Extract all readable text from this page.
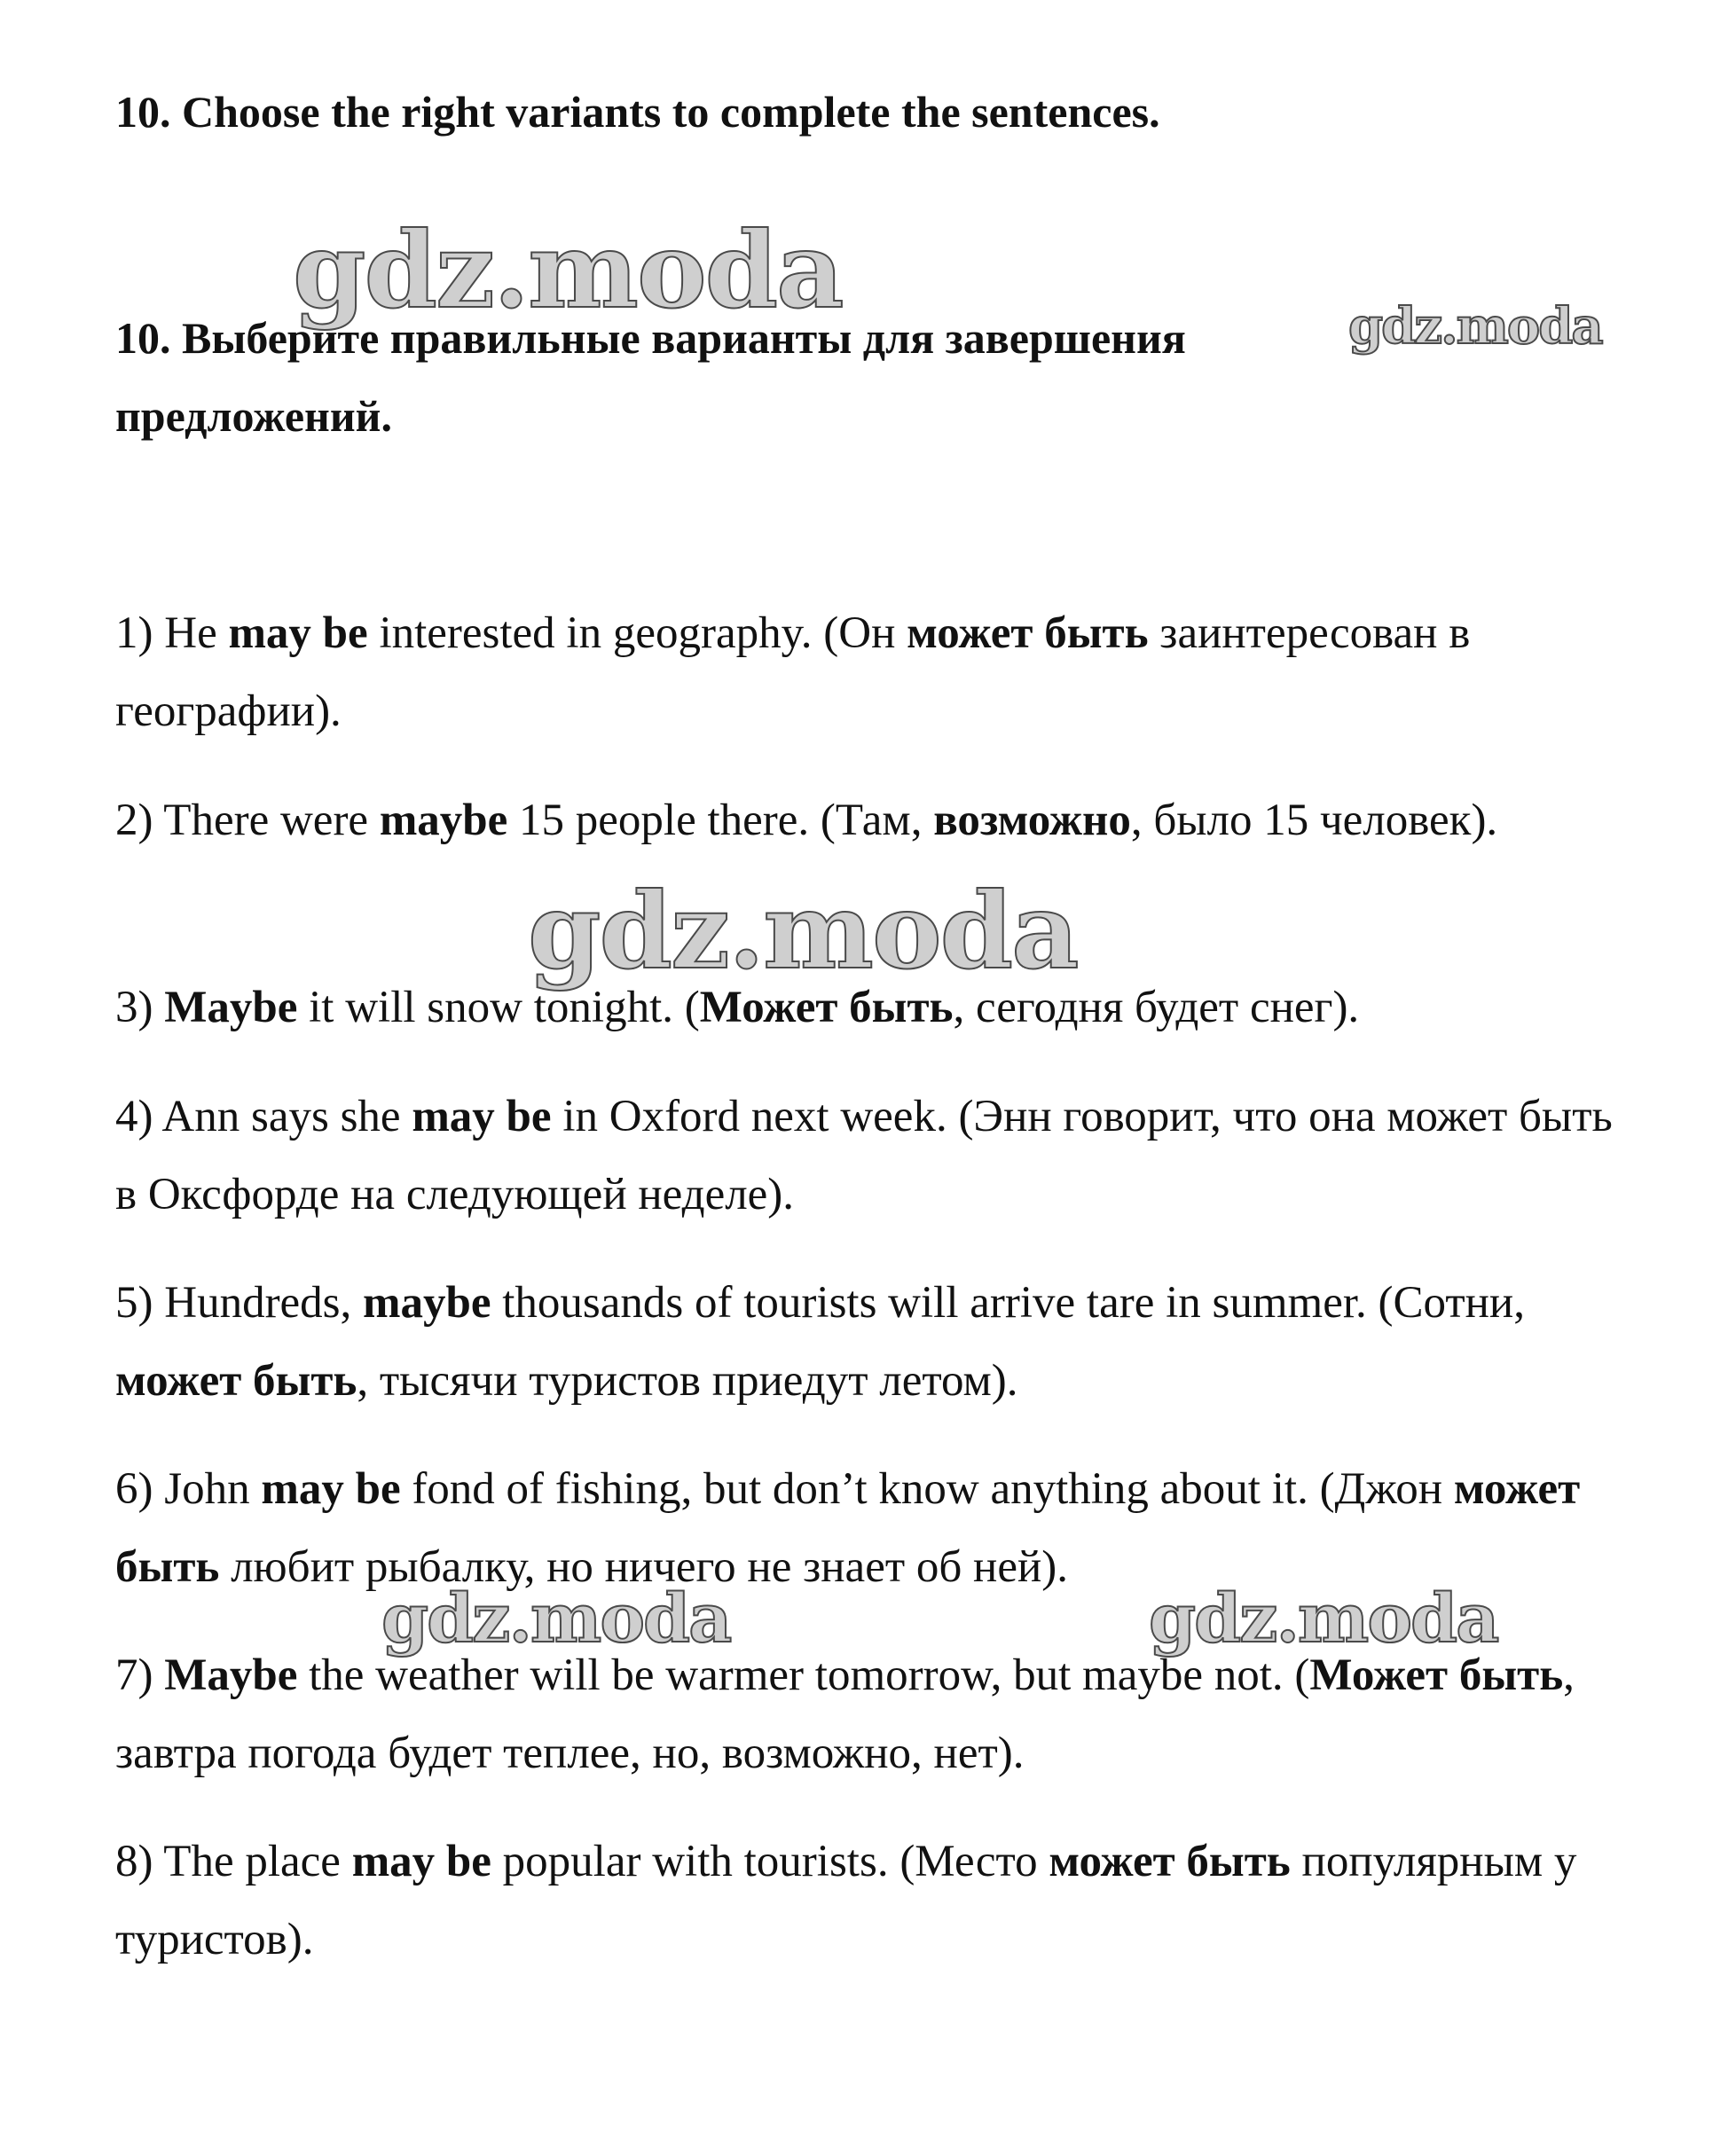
10. Choose the right variants to complete the sentences.

gdz.moda

10. Выберите правильные варианты для завершения предложений.

gdz.moda

1) He may be interested in geography. (Он может быть заинтересован в географии).

2) There were maybe 15 people there. (Там, возможно, было 15 человек).

3) Maybe it will snow tonight. (Может быть, сегодня будет снег).

4) Ann says she may be in Oxford next week. (Энн говорит, что она может быть в Оксфорде на следующей неделе).

5) Hundreds, maybe thousands of tourists will arrive tare in summer. (Сотни, может быть, тысячи туристов приедут летом).

6) John may be fond of fishing, but don’t know anything about it. (Джон может быть любит рыбалку, но ничего не знает об ней).

7) Maybe the weather will be warmer tomorrow, but maybe not. (Может быть, завтра погода будет теплее, но, возможно, нет).

8) The place may be popular with tourists. (Место может быть популярным у туристов).

gdz.moda
gdz.moda	gdz.moda
